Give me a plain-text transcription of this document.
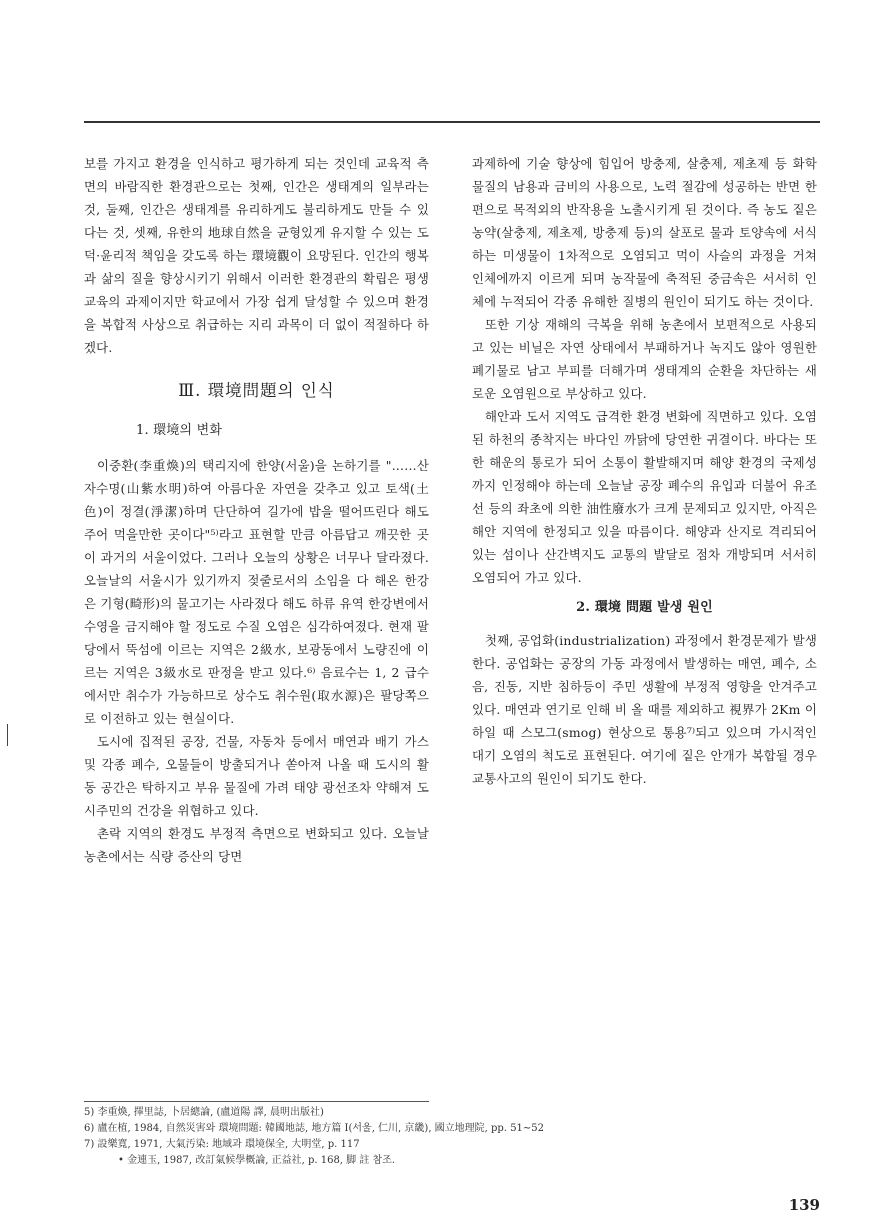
보를 가지고 환경을 인식하고 평가하게 되는 것인데 교육적 측면의 바람직한 환경관으로는 첫째, 인간은 생태계의 일부라는 것, 둘째, 인간은 생태계를 유리하게도 불리하게도 만들 수 있다는 것, 셋째, 유한의 地球自然을 균형있게 유지할 수 있는 도덕·윤리적 책임을 갖도록 하는 環境觀이 요망된다. 인간의 행복과 삶의 질을 향상시키기 위해서 이러한 환경관의 확립은 평생 교육의 과제이지만 학교에서 가장 쉽게 달성할 수 있으며 환경을 복합적 사상으로 취급하는 지리 과목이 더 없이 적절하다 하겠다.

Ⅲ. 環境問題의 인식
1. 環境의 변화

이중환(李重煥)의 택리지에 한양(서울)을 논하기를 "……산자수명(山紫水明)하여 아름다운 자연을 갖추고 있고 토색(土色)이 정결(淨潔)하며 단단하여 길가에 밥을 떨어뜨린다 해도 주어 먹을만한 곳이다"⁵⁾라고 표현할 만큼 아름답고 깨끗한 곳이 과거의 서울이었다. 그러나 오늘의 상황은 너무나 달라졌다. 오늘날의 서울시가 있기까지 젖줄로서의 소임을 다 해온 한강은 기형(畸形)의 물고기는 사라졌다 해도 하류 유역 한강변에서 수영을 금지해야 할 정도로 수질 오염은 심각하여졌다. 현재 팔당에서 뚝섬에 이르는 지역은 2級水, 보광동에서 노량진에 이르는 지역은 3級水로 판정을 받고 있다.⁶⁾ 음료수는 1, 2 급수에서만 취수가 가능하므로 상수도 취수원(取水源)은 팔당쪽으로 이전하고 있는 현실이다.

도시에 집적된 공장, 건물, 자동차 등에서 매연과 배기 가스 및 각종 폐수, 오물들이 방출되거나 쏟아져 나올 때 도시의 활동 공간은 탁하지고 부유 물질에 가려 태양 광선조차 약해져 도시주민의 건강을 위협하고 있다.

촌락 지역의 환경도 부정적 측면으로 변화되고 있다. 오늘날 농촌에서는 식량 증산의 당면

과제하에 기술 향상에 힘입어 방충제, 살충제, 제초제 등 화학 물질의 남용과 금비의 사용으로, 노력 절감에 성공하는 반면 한편으로 목적외의 반작용을 노출시키게 된 것이다. 즉 농도 짙은 농약(살충제, 제초제, 방충제 등)의 살포로 물과 토양속에 서식하는 미생물이 1차적으로 오염되고 먹이 사슬의 과정을 거쳐 인체에까지 이르게 되며 농작물에 축적된 중금속은 서서히 인체에 누적되어 각종 유해한 질병의 원인이 되기도 하는 것이다.

또한 기상 재해의 극복을 위해 농촌에서 보편적으로 사용되고 있는 비닐은 자연 상태에서 부패하거나 녹지도 않아 영원한 폐기물로 남고 부피를 더해가며 생태계의 순환을 차단하는 새로운 오염원으로 부상하고 있다.

해안과 도서 지역도 급격한 환경 변화에 직면하고 있다. 오염된 하천의 종착지는 바다인 까닭에 당연한 귀결이다. 바다는 또한 해운의 통로가 되어 소통이 활발해지며 해양 환경의 국제성까지 인정해야 하는데 오늘날 공장 폐수의 유입과 더불어 유조선 등의 좌초에 의한 油性廢水가 크게 문제되고 있지만, 아직은 해안 지역에 한정되고 있을 따름이다. 해양과 산지로 격리되어 있는 섬이나 산간벽지도 교통의 발달로 점차 개방되며 서서히 오염되어 가고 있다.

2. 環境 問題 발생 원인

첫째, 공업화(industrialization) 과정에서 환경문제가 발생한다. 공업화는 공장의 가동 과정에서 발생하는 매연, 폐수, 소음, 진동, 지반 침하등이 주민 생활에 부정적 영향을 안겨주고 있다. 매연과 연기로 인해 비 올 때를 제외하고 視界가 2Km 이하일 때 스모그(smog) 현상으로 통용⁷⁾되고 있으며 가시적인 대기 오염의 척도로 표현된다. 여기에 짙은 안개가 복합될 경우 교통사고의 원인이 되기도 한다.

5) 李重煥, 擇里誌, 卜居總論, (盧道陽 譯, 晨明出版社)
6) 盧在植, 1984, 自然災害와 環境問題: 韓國地誌, 地方篇 Ⅰ(서울, 仁川, 京畿), 國立地理院, pp. 51∼52
7) 設樂寬, 1971, 大氣汚染: 地域과 環境保全, 大明堂, p. 117
• 金連玉, 1987, 改訂氣候學概論, 正益社, p. 168, 脚 註 참조.
139
